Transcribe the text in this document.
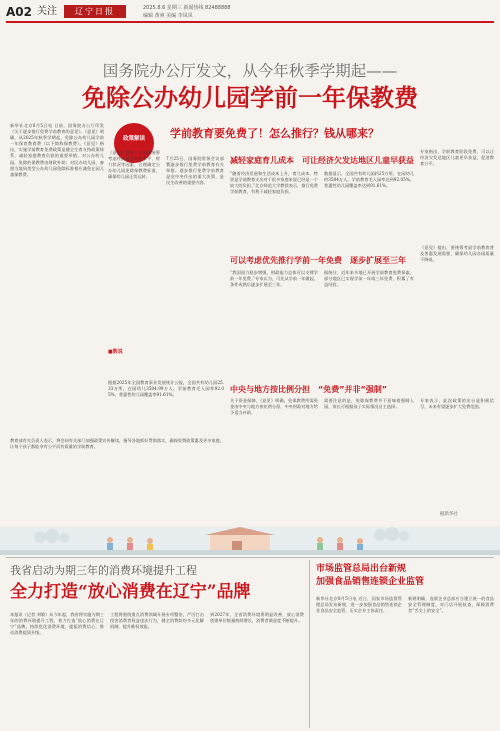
A02 关注	辽宁日报	2025.8.6 星期三 新闻热线 82488888
编辑 黄爽 美编 李凤凤
国务院办公厅发文，从今年秋季学期起——
免除公办幼儿园学前一年保教费
新华社北京8月5日电 日前，国务院办公厅印发《关于逐步推行免费学前教育的意见》。《意见》明确，从2025年秋季学期起，免除公办幼儿园学前一年保育教育费（以下简称保教费）。《意见》指出，实施学前教育免费政策是健全生育支持政策体系、减轻家庭教育负担的重要举措。对公办幼儿园，免除的保教费由财政补助；对民办幼儿园，参照当地同类型公办幼儿园免除标准相应减免在园儿童保教费。
政策解读
《意见》要求，各地要统筹考虑经济社会发展水平、财力状况等因素，合理确定公办幼儿园免除保教费标准，确保幼儿园正常运转。
学前教育要免费了！怎么推行？钱从哪来？
7月25日，国务院常务会议部署逐步推行免费学前教育有关举措。逐步推行免费学前教育是党中央作出的重大决策，是民生改善的重要内容。
减轻家庭育儿成本　可让经济欠发达地区儿童早获益
“随着经济发展和生活成本上升，育儿成本、特别是学前教育支出对于很多家庭来说已经是一个较大的负担。”北京师范大学教授表示，推行免费学前教育，有利于减轻家庭负担。
数据显示，全国共有幼儿园约25万所，在园幼儿约3584万人。学前教育毛入园率达到92.05%。普惠性幼儿园覆盖率达到91.61%。
专家指出，学前教育阶段免费，可以让经济欠发达地区儿童更早获益，促进教育公平。
可以考虑优先推行学前一年免费　逐步扩展至三年
“我国国力稳步增强，财政能力总体可以支撑学前一年免费。”专家认为，可先从学前一年做起，条件成熟后逐步扩展至三年。
据统计，近年来多地已开展学前教育免费探索，部分地区已实现学前一年或三年免费，积累了有益经验。
《意见》提出，要统筹考虑学前教育普及普惠发展需要，确保幼儿园办园质量不降低。
■数说
根据2025年全国教育事业发展统计公报，全国共有幼儿园25.33万所，在园幼儿3584.99万人，学前教育毛入园率92.05%，普惠性幼儿园覆盖率91.61%。
中央与地方按比例分担　“免费”并非“强制”
关于资金保障，《意见》明确，免保教费所需资金由中央与地方按比例分担，中央财政对地方给予适当补助。
需要注意的是，免除保教费并不意味着强制入园，家长可根据孩子实际情况自主选择。
专家表示，此次政策的出台是积极信号，未来有望逐步扩大免费范围。
教育部有关负责人表示，将会同有关部门加强政策宣传解读，指导各地抓好贯彻落实，确保免费政策惠及更多家庭，让每个孩子都能享有公平而有质量的学前教育。
据新华社
我省启动为期三年的消费环境提升工程
全力打造“放心消费在辽宁”品牌
本报讯（记者 刘敏）从今年起，我省将实施为期三年的消费环境提升工程，着力打造“放心消费在辽宁”品牌，持续优化消费环境，提振消费信心，推动消费提质升级。
工程将围绕重点消费领域开展专项整治，严厉打击侵害消费者权益违法行为，健全消费纠纷多元化解机制，提升维权效能。
到2027年，全省消费环境将明显改善，放心消费创建单位数量持续增长，消费者满意度不断提升。
市场监管总局出台新规
加强食品销售连锁企业监管
新华社北京8月5日电 近日，国家市场监督管理总局发布新规，进一步加强食品销售连锁企业食品安全监管，压实企业主体责任。
新规明确，连锁企业总部应当建立统一的食品安全管理制度，对门店开展检查，保障消费者“舌尖上的安全”。
